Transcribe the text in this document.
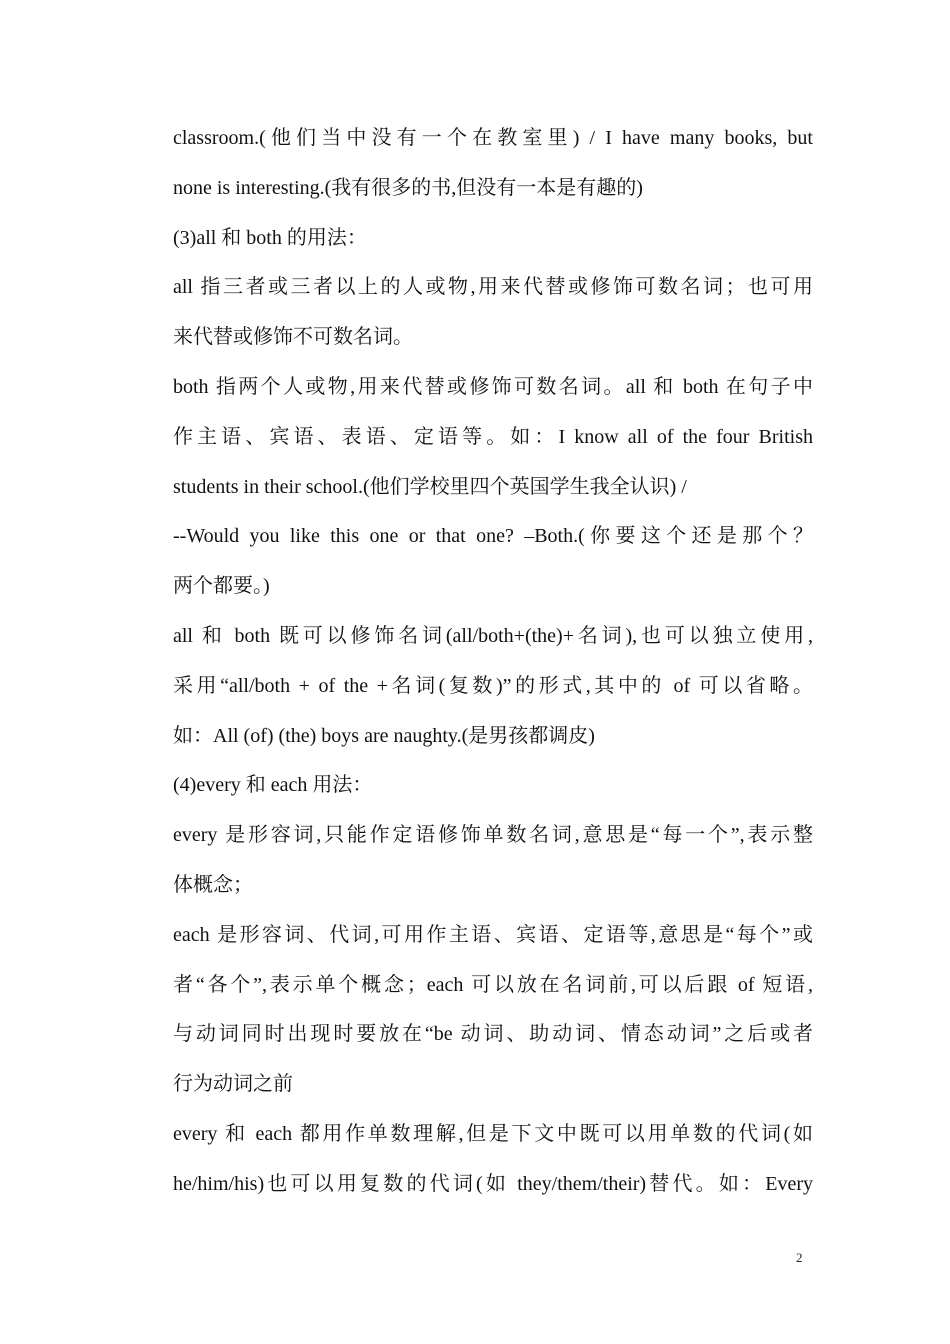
classroom.(他们当中没有一个在教室里) / I have many books, but
none is interesting.(我有很多的书,但没有一本是有趣的)
(3)all 和 both 的用法：
all 指三者或三者以上的人或物,用来代替或修饰可数名词；也可用
来代替或修饰不可数名词。
both 指两个人或物,用来代替或修饰可数名词。all 和 both 在句子中
作主语、宾语、表语、定语等。如：I know all of the four British
students in their school.(他们学校里四个英国学生我全认识) /
--Would you like this one or that one? –Both.(你要这个还是那个？
两个都要。)
all 和 both 既可以修饰名词(all/both+(the)+名词),也可以独立使用,
采用“all/both + of the +名词(复数)”的形式,其中的 of 可以省略。
如：All (of) (the) boys are naughty.(是男孩都调皮)
(4)every 和 each 用法：
every 是形容词,只能作定语修饰单数名词,意思是“每一个”,表示整
体概念；
each 是形容词、代词,可用作主语、宾语、定语等,意思是“每个”或
者“各个”,表示单个概念；each 可以放在名词前,可以后跟 of 短语,
与动词同时出现时要放在“be 动词、助动词、情态动词”之后或者
行为动词之前
every 和 each 都用作单数理解,但是下文中既可以用单数的代词(如
he/him/his)也可以用复数的代词(如 they/them/their)替代。如：Every
2
